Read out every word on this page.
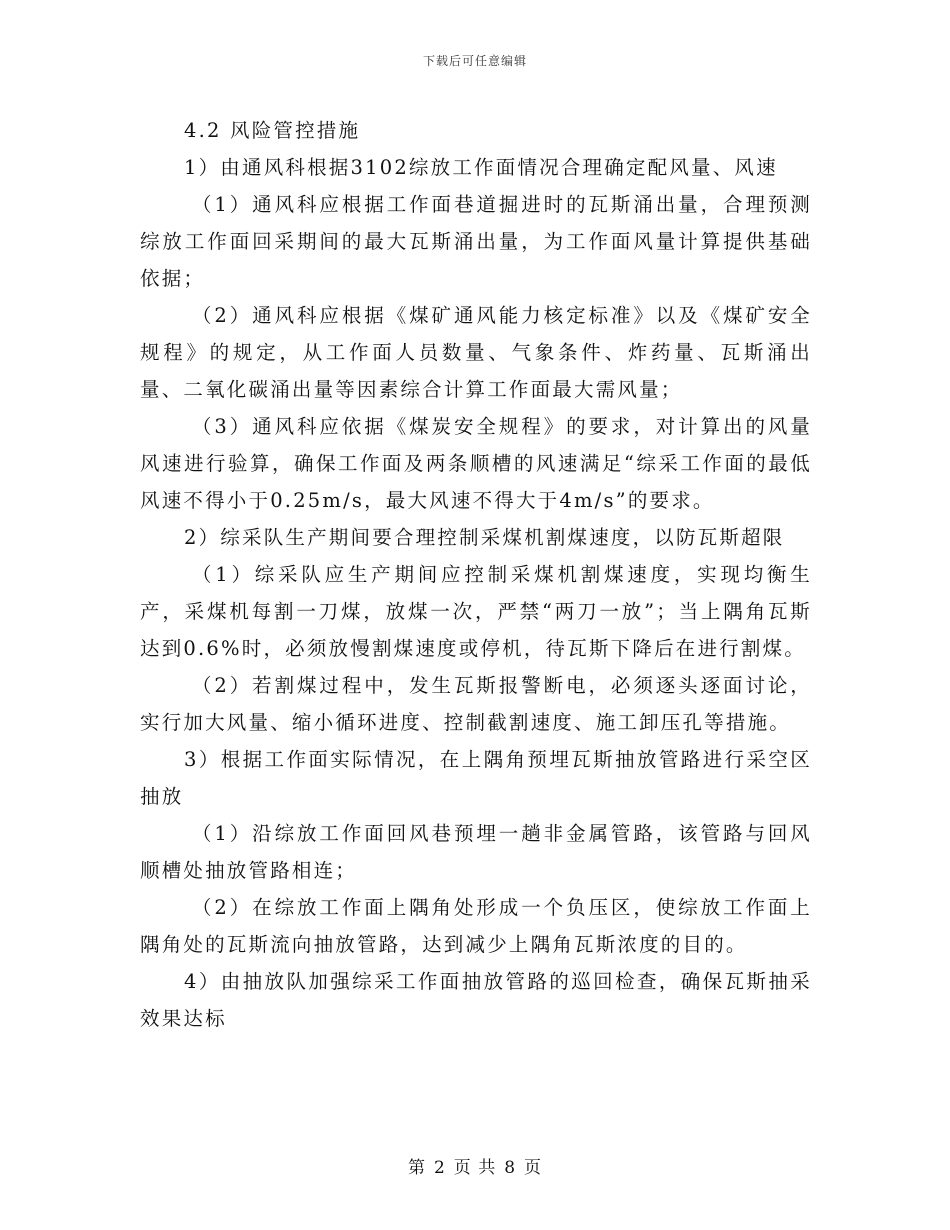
下载后可任意编辑

4.2 风险管控措施

1）由通风科根据3102综放工作面情况合理确定配风量、风速

（1）通风科应根据工作面巷道掘进时的瓦斯涌出量，合理预测综放工作面回采期间的最大瓦斯涌出量，为工作面风量计算提供基础依据；

（2）通风科应根据《煤矿通风能力核定标准》以及《煤矿安全规程》的规定，从工作面人员数量、气象条件、炸药量、瓦斯涌出量、二氧化碳涌出量等因素综合计算工作面最大需风量；

（3）通风科应依据《煤炭安全规程》的要求，对计算出的风量风速进行验算，确保工作面及两条顺槽的风速满足“综采工作面的最低风速不得小于0.25m/s，最大风速不得大于4m/s”的要求。

2）综采队生产期间要合理控制采煤机割煤速度，以防瓦斯超限

（1）综采队应生产期间应控制采煤机割煤速度，实现均衡生产，采煤机每割一刀煤，放煤一次，严禁“两刀一放”；当上隅角瓦斯达到0.6%时，必须放慢割煤速度或停机，待瓦斯下降后在进行割煤。

（2）若割煤过程中，发生瓦斯报警断电，必须逐头逐面讨论，实行加大风量、缩小循环进度、控制截割速度、施工卸压孔等措施。

3）根据工作面实际情况，在上隅角预埋瓦斯抽放管路进行采空区抽放

（1）沿综放工作面回风巷预埋一趟非金属管路，该管路与回风顺槽处抽放管路相连；

（2）在综放工作面上隅角处形成一个负压区，使综放工作面上隅角处的瓦斯流向抽放管路，达到减少上隅角瓦斯浓度的目的。

4）由抽放队加强综采工作面抽放管路的巡回检查，确保瓦斯抽采效果达标

第 2 页 共 8 页
